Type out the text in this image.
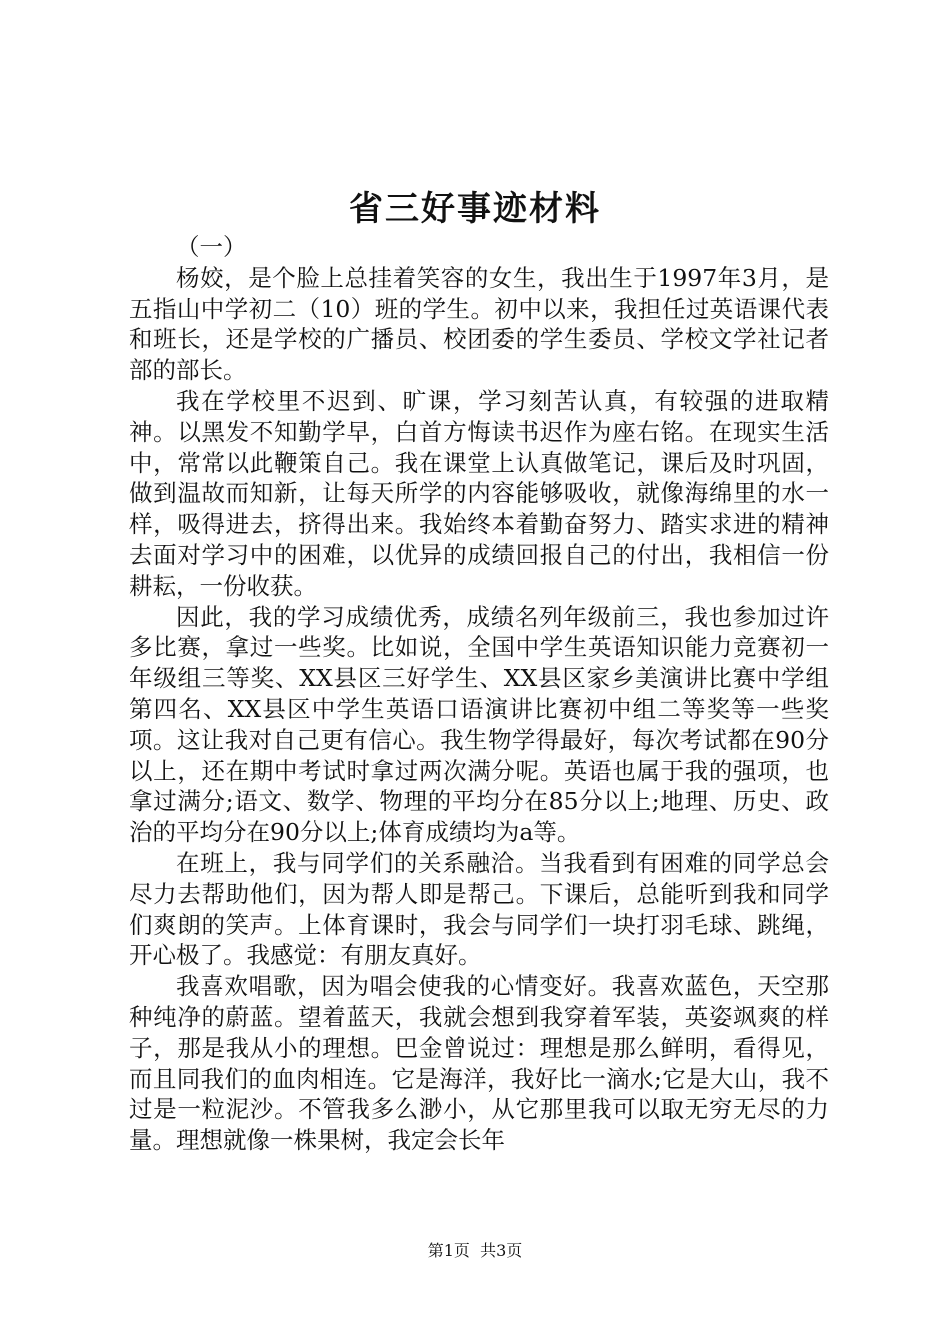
省三好事迹材料

（一）

杨姣，是个脸上总挂着笑容的女生，我出生于1997年3月，是五指山中学初二（10）班的学生。初中以来，我担任过英语课代表和班长，还是学校的广播员、校团委的学生委员、学校文学社记者部的部长。

我在学校里不迟到、旷课，学习刻苦认真，有较强的进取精神。以黑发不知勤学早，白首方悔读书迟作为座右铭。在现实生活中，常常以此鞭策自己。我在课堂上认真做笔记，课后及时巩固，做到温故而知新，让每天所学的内容能够吸收，就像海绵里的水一样，吸得进去，挤得出来。我始终本着勤奋努力、踏实求进的精神去面对学习中的困难，以优异的成绩回报自己的付出，我相信一份耕耘，一份收获。

因此，我的学习成绩优秀，成绩名列年级前三，我也参加过许多比赛，拿过一些奖。比如说，全国中学生英语知识能力竞赛初一年级组三等奖、XX县区三好学生、XX县区家乡美演讲比赛中学组第四名、XX县区中学生英语口语演讲比赛初中组二等奖等一些奖项。这让我对自己更有信心。我生物学得最好，每次考试都在90分以上，还在期中考试时拿过两次满分呢。英语也属于我的强项，也拿过满分;语文、数学、物理的平均分在85分以上;地理、历史、政治的平均分在90分以上;体育成绩均为a等。

在班上，我与同学们的关系融洽。当我看到有困难的同学总会尽力去帮助他们，因为帮人即是帮己。下课后，总能听到我和同学们爽朗的笑声。上体育课时，我会与同学们一块打羽毛球、跳绳，开心极了。我感觉：有朋友真好。

我喜欢唱歌，因为唱会使我的心情变好。我喜欢蓝色，天空那种纯净的蔚蓝。望着蓝天，我就会想到我穿着军装，英姿飒爽的样子，那是我从小的理想。巴金曾说过：理想是那么鲜明，看得见，而且同我们的血肉相连。它是海洋，我好比一滴水;它是大山，我不过是一粒泥沙。不管我多么渺小，从它那里我可以取无穷无尽的力量。理想就像一株果树，我定会长年

第1页 共3页
